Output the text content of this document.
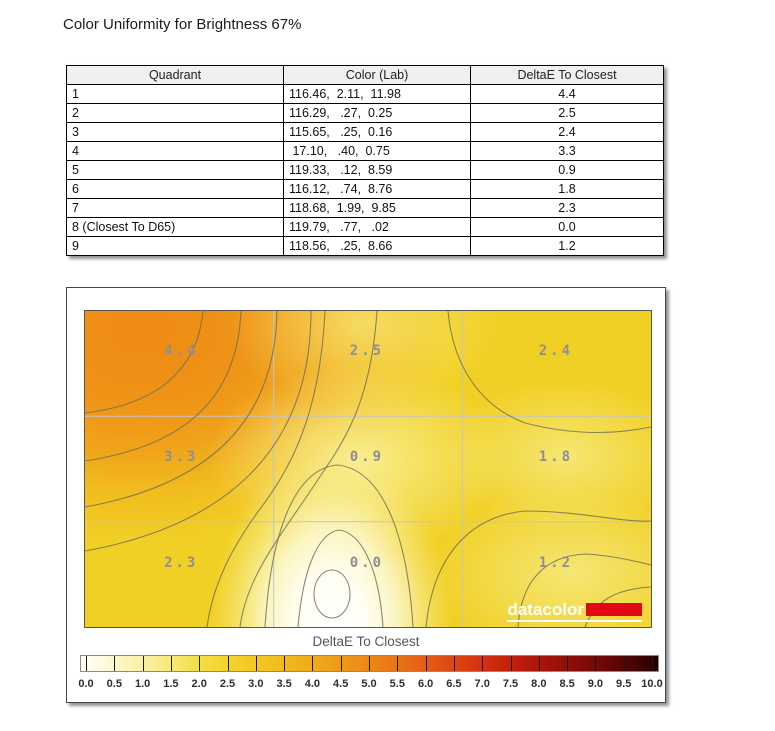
Color Uniformity for Brightness 67%
Quadrant	Color (Lab)	DeltaE To Closest
1	116.46,  2.11,  11.98	4.4
2	116.29,   .27,  0.25	2.5
3	115.65,   .25,  0.16	2.4
4	17.10,   .40,  0.75	3.3
5	119.33,   .12,  8.59	0.9
6	116.12,   .74,  8.76	1.8
7	118.68,  1.99,  9.85	2.3
8 (Closest To D65)	119.79,   .77,   .02	0.0
9	118.56,   .25,  8.66	1.2
datacolor
4.4	2.5	2.4
3.3	0.9	1.8
2.3	0.0	1.2
DeltaE To Closest
0.0 0.5 1.0 1.5 2.0 2.5 3.0 3.5 4.0 4.5 5.0 5.5 6.0 6.5 7.0 7.5 8.0 8.5 9.0 9.5 10.0
